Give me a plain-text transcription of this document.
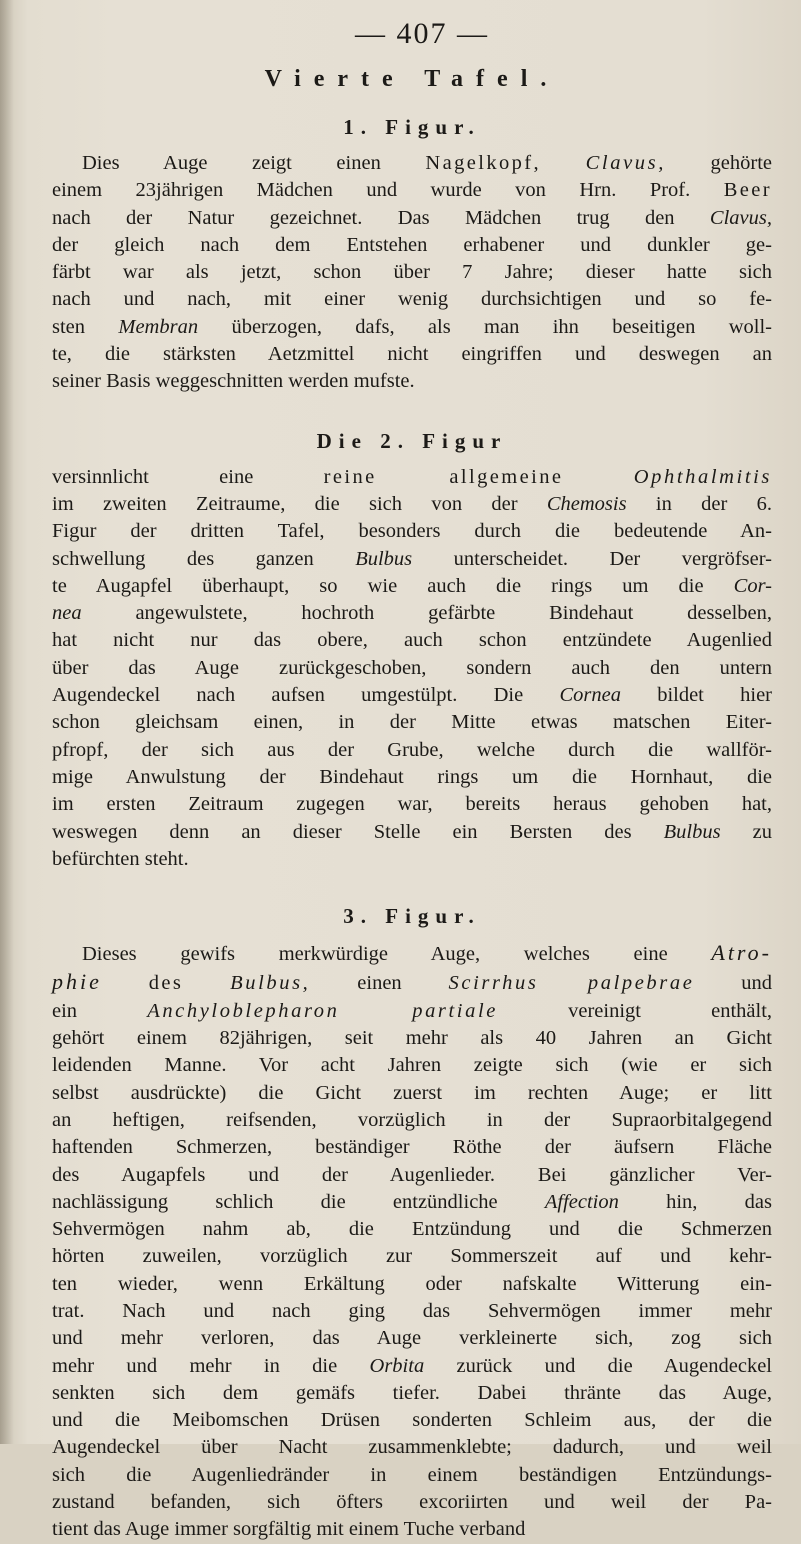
— 407 —
Vierte Tafel.
1. Figur.
Dies Auge zeigt einen Nagelkopf, Clavus, gehörte
einem 23jährigen Mädchen und wurde von Hrn. Prof. Beer
nach der Natur gezeichnet. Das Mädchen trug den Clavus,
der gleich nach dem Entstehen erhabener und dunkler ge-
färbt war als jetzt, schon über 7 Jahre; dieser hatte sich
nach und nach, mit einer wenig durchsichtigen und so fe-
sten Membran überzogen, dafs, als man ihn beseitigen woll-
te, die stärksten Aetzmittel nicht eingriffen und deswegen an
seiner Basis weggeschnitten werden mufste.
Die 2. Figur
versinnlicht eine reine allgemeine	Ophthalmitis
im zweiten Zeitraume, die sich von der Chemosis in der 6.
Figur der dritten Tafel, besonders durch die bedeutende An-
schwellung des ganzen Bulbus unterscheidet. Der vergröfser-
te Augapfel überhaupt, so wie auch die rings um die Cor-
nea angewulstete, hochroth gefärbte Bindehaut desselben,
hat nicht nur das obere, auch schon entzündete Augenlied
über das Auge zurückgeschoben, sondern auch den untern
Augendeckel nach aufsen umgestülpt. Die Cornea bildet hier
schon gleichsam einen, in der Mitte etwas matschen Eiter-
pfropf, der sich aus der Grube, welche durch die wallför-
mige Anwulstung der Bindehaut rings um die Hornhaut, die
im ersten Zeitraum zugegen war, bereits heraus gehoben hat,
weswegen denn an dieser Stelle ein Bersten des Bulbus zu
befürchten steht.
3. Figur.
Dieses gewifs merkwürdige Auge, welches eine Atro-
phie des Bulbus, einen Scirrhus palpebrae und
ein Anchyloblepharon partiale vereinigt enthält,
gehört einem 82jährigen, seit mehr als 40 Jahren an Gicht
leidenden Manne. Vor acht Jahren zeigte sich (wie er sich
selbst ausdrückte) die Gicht zuerst im rechten Auge; er litt
an heftigen, reifsenden, vorzüglich in der Supraorbitalgegend
haftenden Schmerzen, beständiger Röthe der äufsern Fläche
des Augapfels und der Augenlieder. Bei gänzlicher Ver-
nachlässigung schlich die entzündliche Affection hin, das
Sehvermögen nahm ab, die Entzündung und die Schmerzen
hörten zuweilen, vorzüglich zur Sommerszeit auf und kehr-
ten wieder, wenn Erkältung oder nafskalte Witterung ein-
trat. Nach und nach ging das Sehvermögen immer mehr
und mehr verloren, das Auge verkleinerte sich, zog sich
mehr und mehr in die Orbita zurück und die Augendeckel
senkten sich dem gemäfs tiefer. Dabei thränte das Auge,
und die Meibomschen Drüsen sonderten Schleim aus, der die
Augendeckel über Nacht zusammenklebte; dadurch, und weil
sich die Augenliedränder in einem beständigen Entzündungs-
zustand befanden, sich öfters excoriirten und weil der Pa-
tient das Auge immer sorgfältig mit einem Tuche verband
